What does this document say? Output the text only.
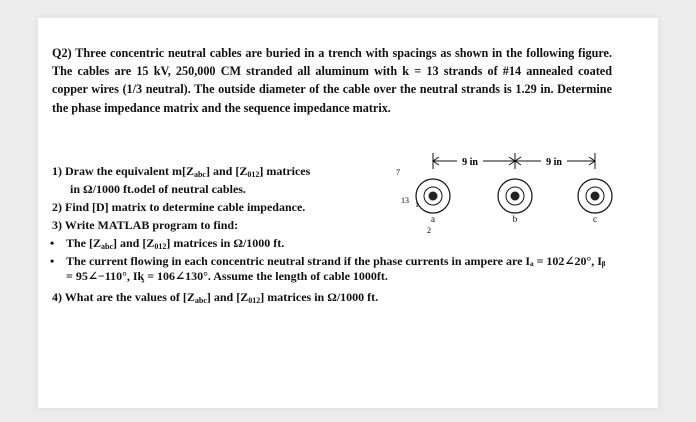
Q2) Three concentric neutral cables are buried in a trench with spacings as shown in the following figure. The cables are 15 kV, 250,000 CM stranded all aluminum with k = 13 strands of #14 annealed coated copper wires (1/3 neutral). The outside diameter of the cable over the neutral strands is 1.29 in. Determine the phase impedance matrix and the sequence impedance matrix.
1) Draw the equivalent $m[Z_{abc}]$ and $[Z_{012}]$ matrices
in Ω/1000 ft.odel of neutral cables.
2) Find [D] matrix to determine cable impedance.
3) Write MATLAB program to find:
• The $[Z_{abc}]$ and $[Z_{012}]$ matrices in Ω/1000 ft.
• The current flowing in each concentric neutral strand if the phase currents in ampere are Iₐ = 102∠20°, Iᵦ = 95∠−110°, Iᶄ = 106∠130°. Assume the length of cable 1000ft.
4) What are the values of $[Z_{abc}]$ and $[Z_{012}]$ matrices in Ω/1000 ft.
9 in	9 in
a	b	c
7
13 1
2
